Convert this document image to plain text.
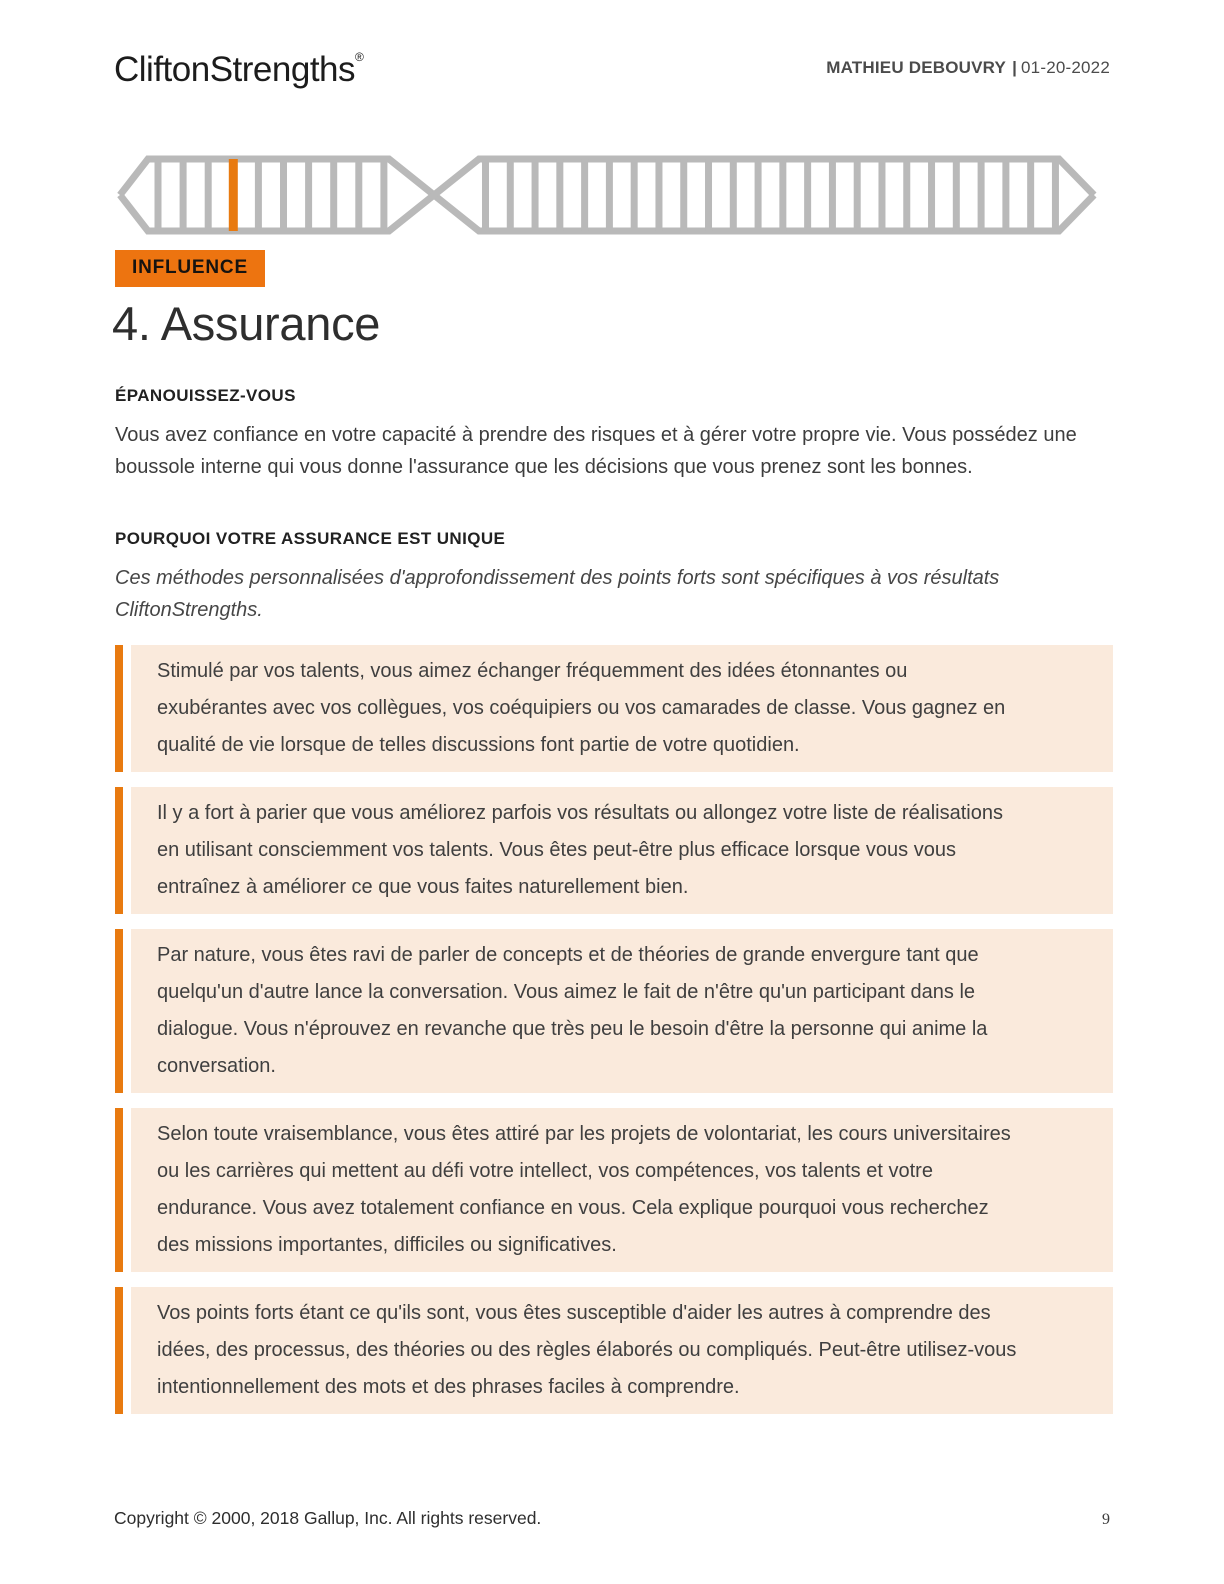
CliftonStrengths®
MATHIEU DEBOUVRY | 01-20-2022
INFLUENCE
4. Assurance
ÉPANOUISSEZ-VOUS
Vous avez confiance en votre capacité à prendre des risques et à gérer votre propre vie. Vous possédez une boussole interne qui vous donne l'assurance que les décisions que vous prenez sont les bonnes.
POURQUOI VOTRE ASSURANCE EST UNIQUE
Ces méthodes personnalisées d'approfondissement des points forts sont spécifiques à vos résultats CliftonStrengths.
Stimulé par vos talents, vous aimez échanger fréquemment des idées étonnantes ou exubérantes avec vos collègues, vos coéquipiers ou vos camarades de classe. Vous gagnez en qualité de vie lorsque de telles discussions font partie de votre quotidien.
Il y a fort à parier que vous améliorez parfois vos résultats ou allongez votre liste de réalisations en utilisant consciemment vos talents. Vous êtes peut-être plus efficace lorsque vous vous entraînez à améliorer ce que vous faites naturellement bien.
Par nature, vous êtes ravi de parler de concepts et de théories de grande envergure tant que quelqu'un d'autre lance la conversation. Vous aimez le fait de n'être qu'un participant dans le dialogue. Vous n'éprouvez en revanche que très peu le besoin d'être la personne qui anime la conversation.
Selon toute vraisemblance, vous êtes attiré par les projets de volontariat, les cours universitaires ou les carrières qui mettent au défi votre intellect, vos compétences, vos talents et votre endurance. Vous avez totalement confiance en vous. Cela explique pourquoi vous recherchez des missions importantes, difficiles ou significatives.
Vos points forts étant ce qu'ils sont, vous êtes susceptible d'aider les autres à comprendre des idées, des processus, des théories ou des règles élaborés ou compliqués. Peut-être utilisez-vous intentionnellement des mots et des phrases faciles à comprendre.
Copyright © 2000, 2018 Gallup, Inc. All rights reserved.	9
